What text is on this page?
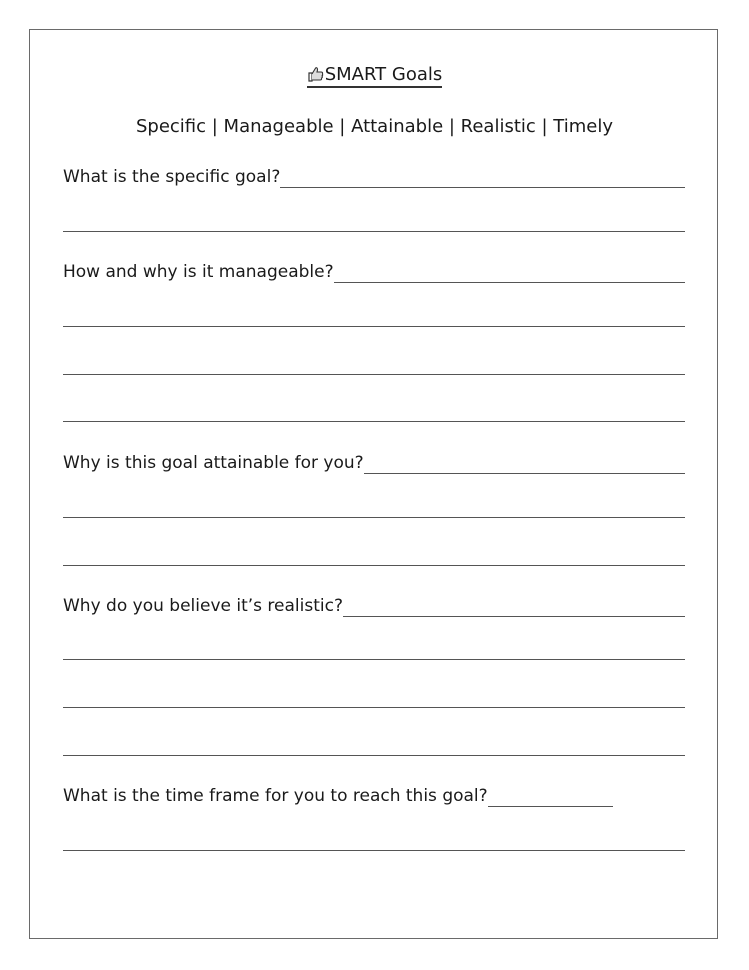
SMART Goals
Specific | Manageable | Attainable | Realistic | Timely
What is the specific goal?
How and why is it manageable?
Why is this goal attainable for you?
Why do you believe it’s realistic?
What is the time frame for you to reach this goal?
